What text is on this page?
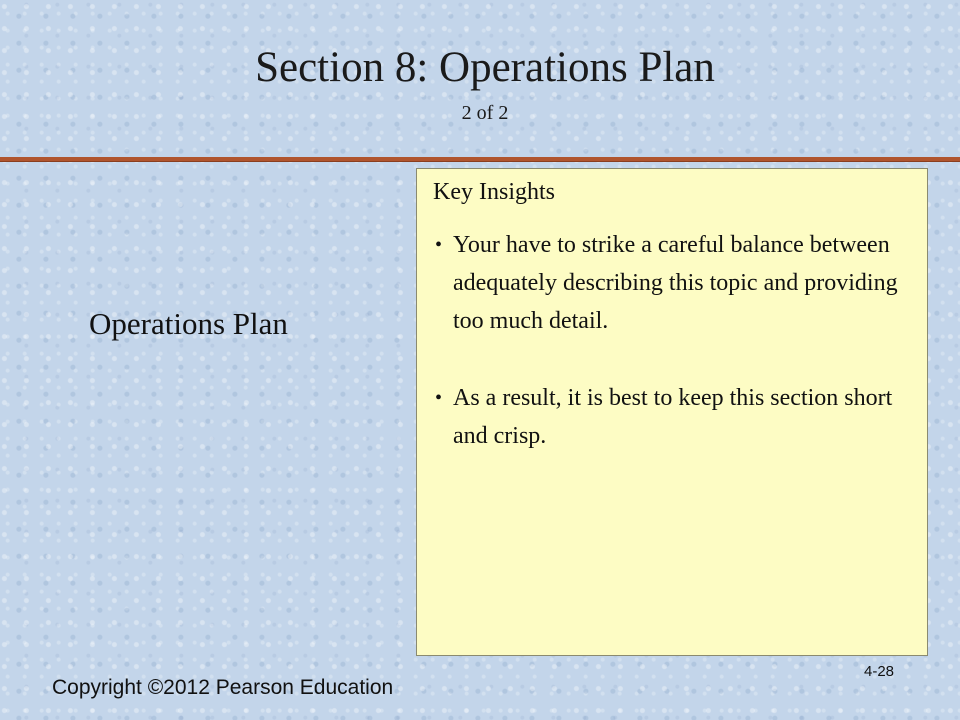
Section 8: Operations Plan
2 of 2
Operations Plan
Key Insights
• Your have to strike a careful balance between adequately describing this topic and providing too much detail.
• As a result, it is best to keep this section short and crisp.
Copyright ©2012 Pearson Education
4-28
